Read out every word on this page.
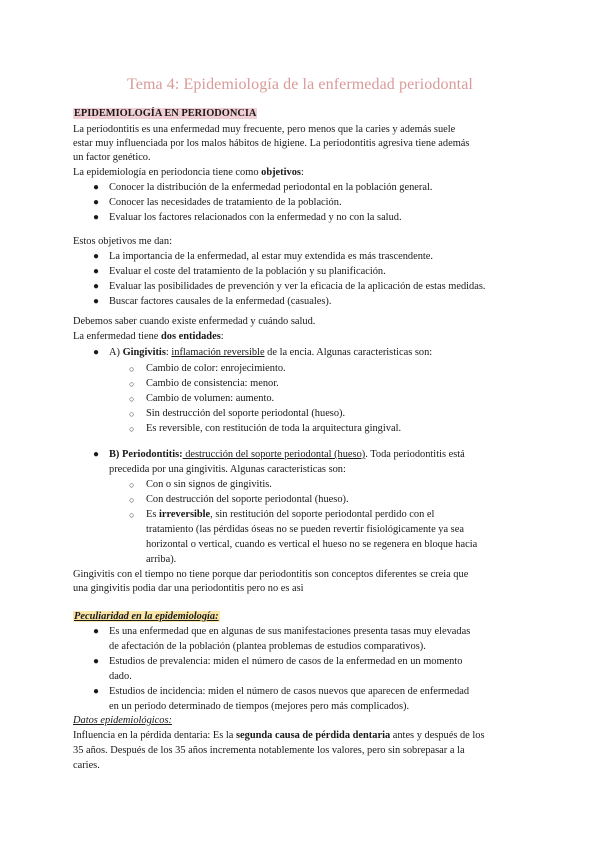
Tema 4: Epidemiología de la enfermedad periodontal
EPIDEMIOLOGÍA EN PERIODONCIA
La periodontitis es una enfermedad muy frecuente, pero menos que la caries y además suele
estar muy influenciada por los malos hábitos de higiene. La periodontitis agresiva tiene además
un factor genético.
La epidemiología en periodoncia tiene como objetivos:
● Conocer la distribución de la enfermedad periodontal en la población general.
● Conocer las necesidades de tratamiento de la población.
● Evaluar los factores relacionados con la enfermedad y no con la salud.
Estos objetivos me dan:
● La importancia de la enfermedad, al estar muy extendida es más trascendente.
● Evaluar el coste del tratamiento de la población y su planificación.
● Evaluar las posibilidades de prevención y ver la eficacia de la aplicación de estas medidas.
● Buscar factores causales de la enfermedad (casuales).
Debemos saber cuando existe enfermedad y cuándo salud.
La enfermedad tiene dos entidades:
● A) Gingivitis: inflamación reversible de la encia. Algunas caracteristicas son:
○ Cambio de color: enrojecimiento.
○ Cambio de consistencia: menor.
○ Cambio de volumen: aumento.
○ Sin destrucción del soporte periodontal (hueso).
○ Es reversible, con restitución de toda la arquitectura gingival.
● B) Periodontitis: destrucción del soporte periodontal (hueso). Toda periodontitis está
precedida por una gingivitis. Algunas caracteristicas son:
○ Con o sin signos de gingivitis.
○ Con destrucción del soporte periodontal (hueso).
○ Es irreversible, sin restitución del soporte periodontal perdido con el
tratamiento (las pérdidas óseas no se pueden revertir fisiológicamente ya sea
horizontal o vertical, cuando es vertical el hueso no se regenera en bloque hacia
arriba).
Gingivitis con el tiempo no tiene porque dar periodontitis son conceptos diferentes se creia que
una gingivitis podia dar una periodontitis pero no es asi
Peculiaridad en la epidemiología:
● Es una enfermedad que en algunas de sus manifestaciones presenta tasas muy elevadas
de afectación de la población (plantea problemas de estudios comparativos).
● Estudios de prevalencia: miden el número de casos de la enfermedad en un momento
dado.
● Estudios de incidencia: miden el número de casos nuevos que aparecen de enfermedad
en un periodo determinado de tiempos (mejores pero más complicados).
Datos epidemiológicos:
Influencia en la pérdida dentaria: Es la segunda causa de pérdida dentaria antes y después de los
35 años. Después de los 35 años incrementa notablemente los valores, pero sin sobrepasar a la
caries.
